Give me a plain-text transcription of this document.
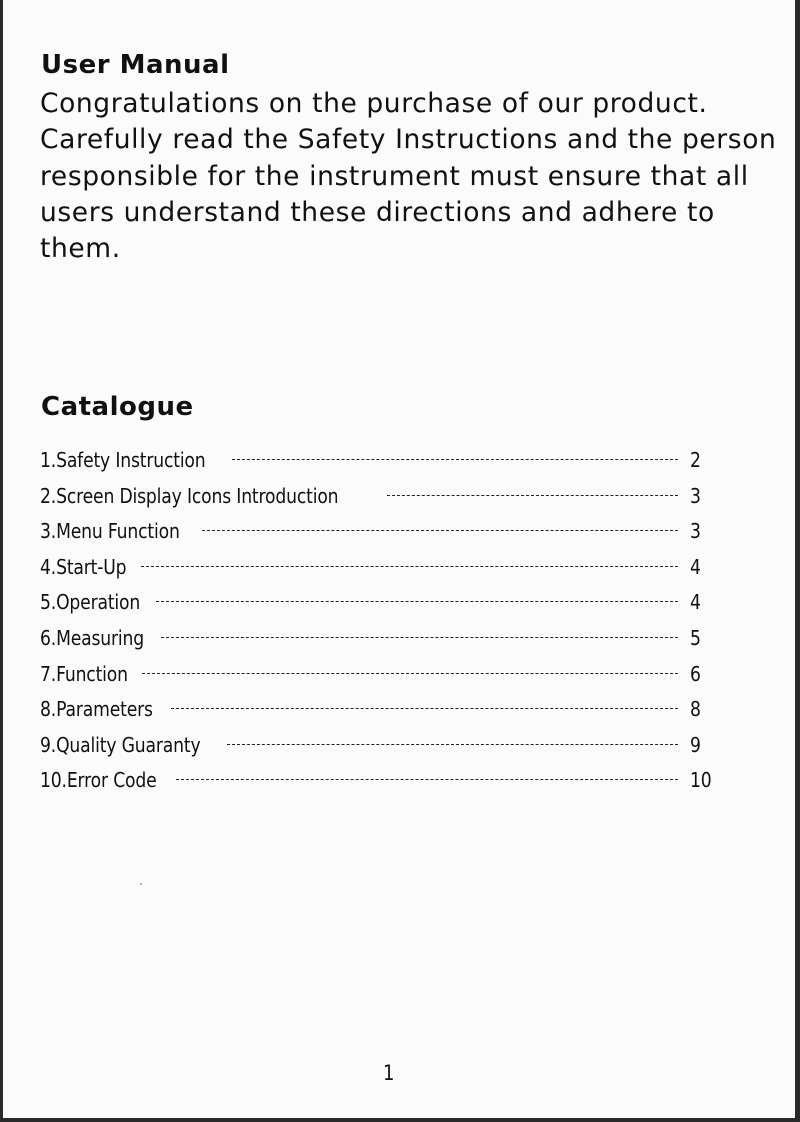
User Manual

Congratulations on the purchase of our product. Carefully read the Safety Instructions and the person responsible for the instrument must ensure that all users understand these directions and adhere to them.

Catalogue
1.Safety Instruction	2
2.Screen Display Icons Introduction	3
3.Menu Function	3
4.Start-Up	4
5.Operation	4
6.Measuring	5
7.Function	6
8.Parameters	8
9.Quality Guaranty	9
10.Error Code	10
1
